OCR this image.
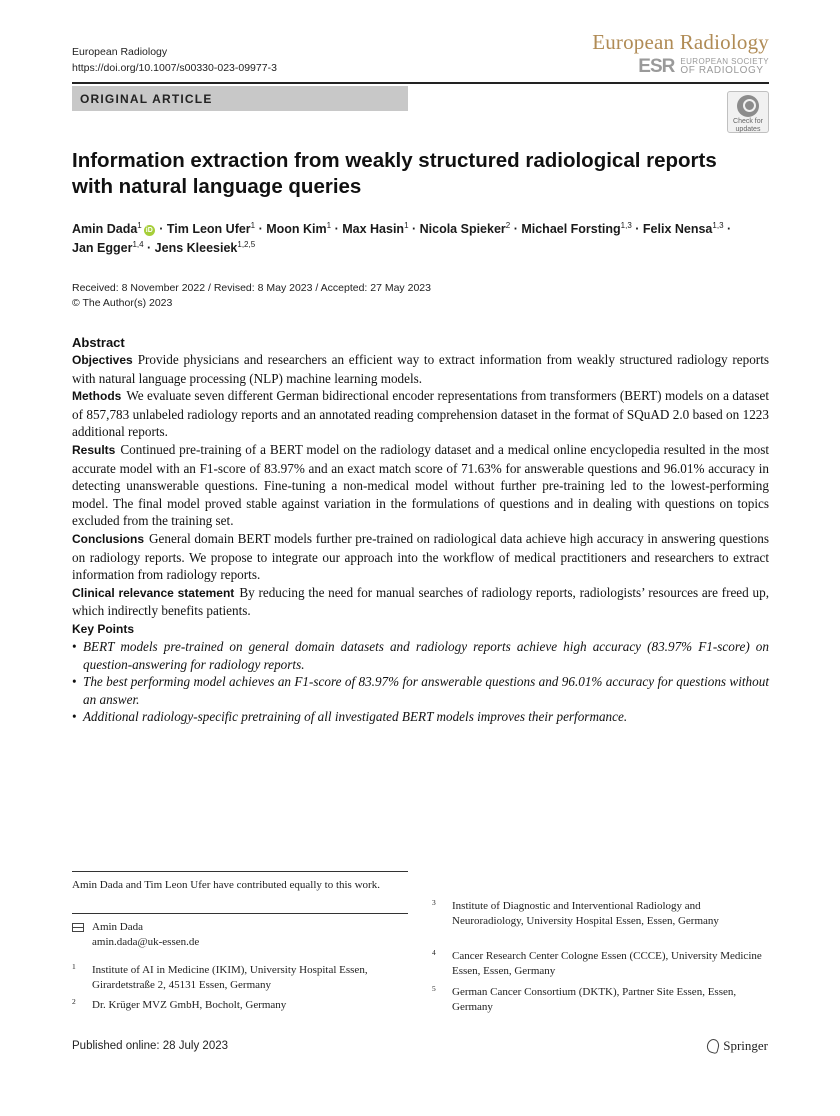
European Radiology
https://doi.org/10.1007/s00330-023-09977-3
European Radiology
ESR EUROPEAN SOCIETY
OF RADIOLOGY
ORIGINAL ARTICLE
Check for
updates
Information extraction from weakly structured radiological reports
with natural language queries
Amin Dada$^1$iD · Tim Leon Ufer$^1$ · Moon Kim$^1$ · Max Hasin$^1$ · Nicola Spieker$^2$ · Michael Forsting$^{1,3}$ · Felix Nensa$^{1,3}$ ·
Jan Egger$^{1,4}$ · Jens Kleesiek$^{1,2,5}$
Received: 8 November 2022 / Revised: 8 May 2023 / Accepted: 27 May 2023
© The Author(s) 2023
Abstract

Objectives Provide physicians and researchers an efficient way to extract information from weakly structured radiology reports with natural language processing (NLP) machine learning models.

Methods We evaluate seven different German bidirectional encoder representations from transformers (BERT) models on a dataset of 857,783 unlabeled radiology reports and an annotated reading comprehension dataset in the format of SQuAD 2.0 based on 1223 additional reports.

Results Continued pre-training of a BERT model on the radiology dataset and a medical online encyclopedia resulted in the most accurate model with an F1-score of 83.97% and an exact match score of 71.63% for answerable questions and 96.01% accuracy in detecting unanswerable questions. Fine-tuning a non-medical model without further pre-training led to the lowest-performing model. The final model proved stable against variation in the formulations of questions and in dealing with questions on topics excluded from the training set.

Conclusions General domain BERT models further pre-trained on radiological data achieve high accuracy in answering questions on radiology reports. We propose to integrate our approach into the workflow of medical practitioners and researchers to extract information from radiology reports.

Clinical relevance statement By reducing the need for manual searches of radiology reports, radiologists’ resources are freed up, which indirectly benefits patients.

Key Points
• BERT models pre-trained on general domain datasets and radiology reports achieve high accuracy (83.97% F1-score) on question-answering for radiology reports.
• The best performing model achieves an F1-score of 83.97% for answerable questions and 96.01% accuracy for questions without an answer.
• Additional radiology-specific pretraining of all investigated BERT models improves their performance.
Amin Dada and Tim Leon Ufer have contributed equally to this work.
Amin Dada
amin.dada@uk-essen.de
1 Institute of AI in Medicine (IKIM), University Hospital Essen, Girardetstraße 2, 45131 Essen, Germany
2 Dr. Krüger MVZ GmbH, Bocholt, Germany
3 Institute of Diagnostic and Interventional Radiology and Neuroradiology, University Hospital Essen, Essen, Germany
4 Cancer Research Center Cologne Essen (CCCE), University Medicine Essen, Essen, Germany
5 German Cancer Consortium (DKTK), Partner Site Essen, Essen, Germany
Published online: 28 July 2023	Springer
